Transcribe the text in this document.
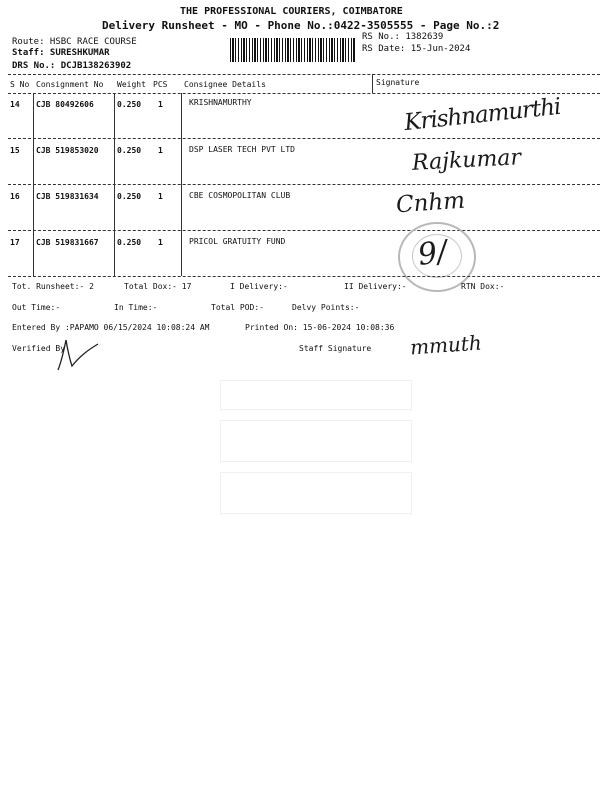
THE PROFESSIONAL COURIERS, COIMBATORE
Delivery Runsheet - MO - Phone No.:0422-3505555 - Page No.:2
Route: HSBC RACE COURSE
Staff: SURESHKUMAR
DRS No.: DCJB138263902
RS No.: 1382639
RS Date: 15-Jun-2024
S No Consignment No Weight PCS Consignee Details	Signature
14 CJB 80492606	0.250 1	KRISHNAMURTHY	Krishnamurthi
15 CJB 519853020 0.250 1	DSP LASER TECH PVT LTD	Rajkumar
16 CJB 519831634 0.250 1	CBE COSMOPOLITAN CLUB	Cnhm
17 CJB 519831667 0.250 1	PRICOL GRATUITY FUND	9/
Tot. Runsheet:- 2	Total Dox:- 17	I Delivery:-	II Delivery:-	RTN Dox:-
Out Time:-	In Time:-	Total POD:-	Delvy Points:-
Entered By :PAPAMO 06/15/2024 10:08:24 AM	Printed On: 15-06-2024 10:08:36
Verified By	Staff Signature mmuth
